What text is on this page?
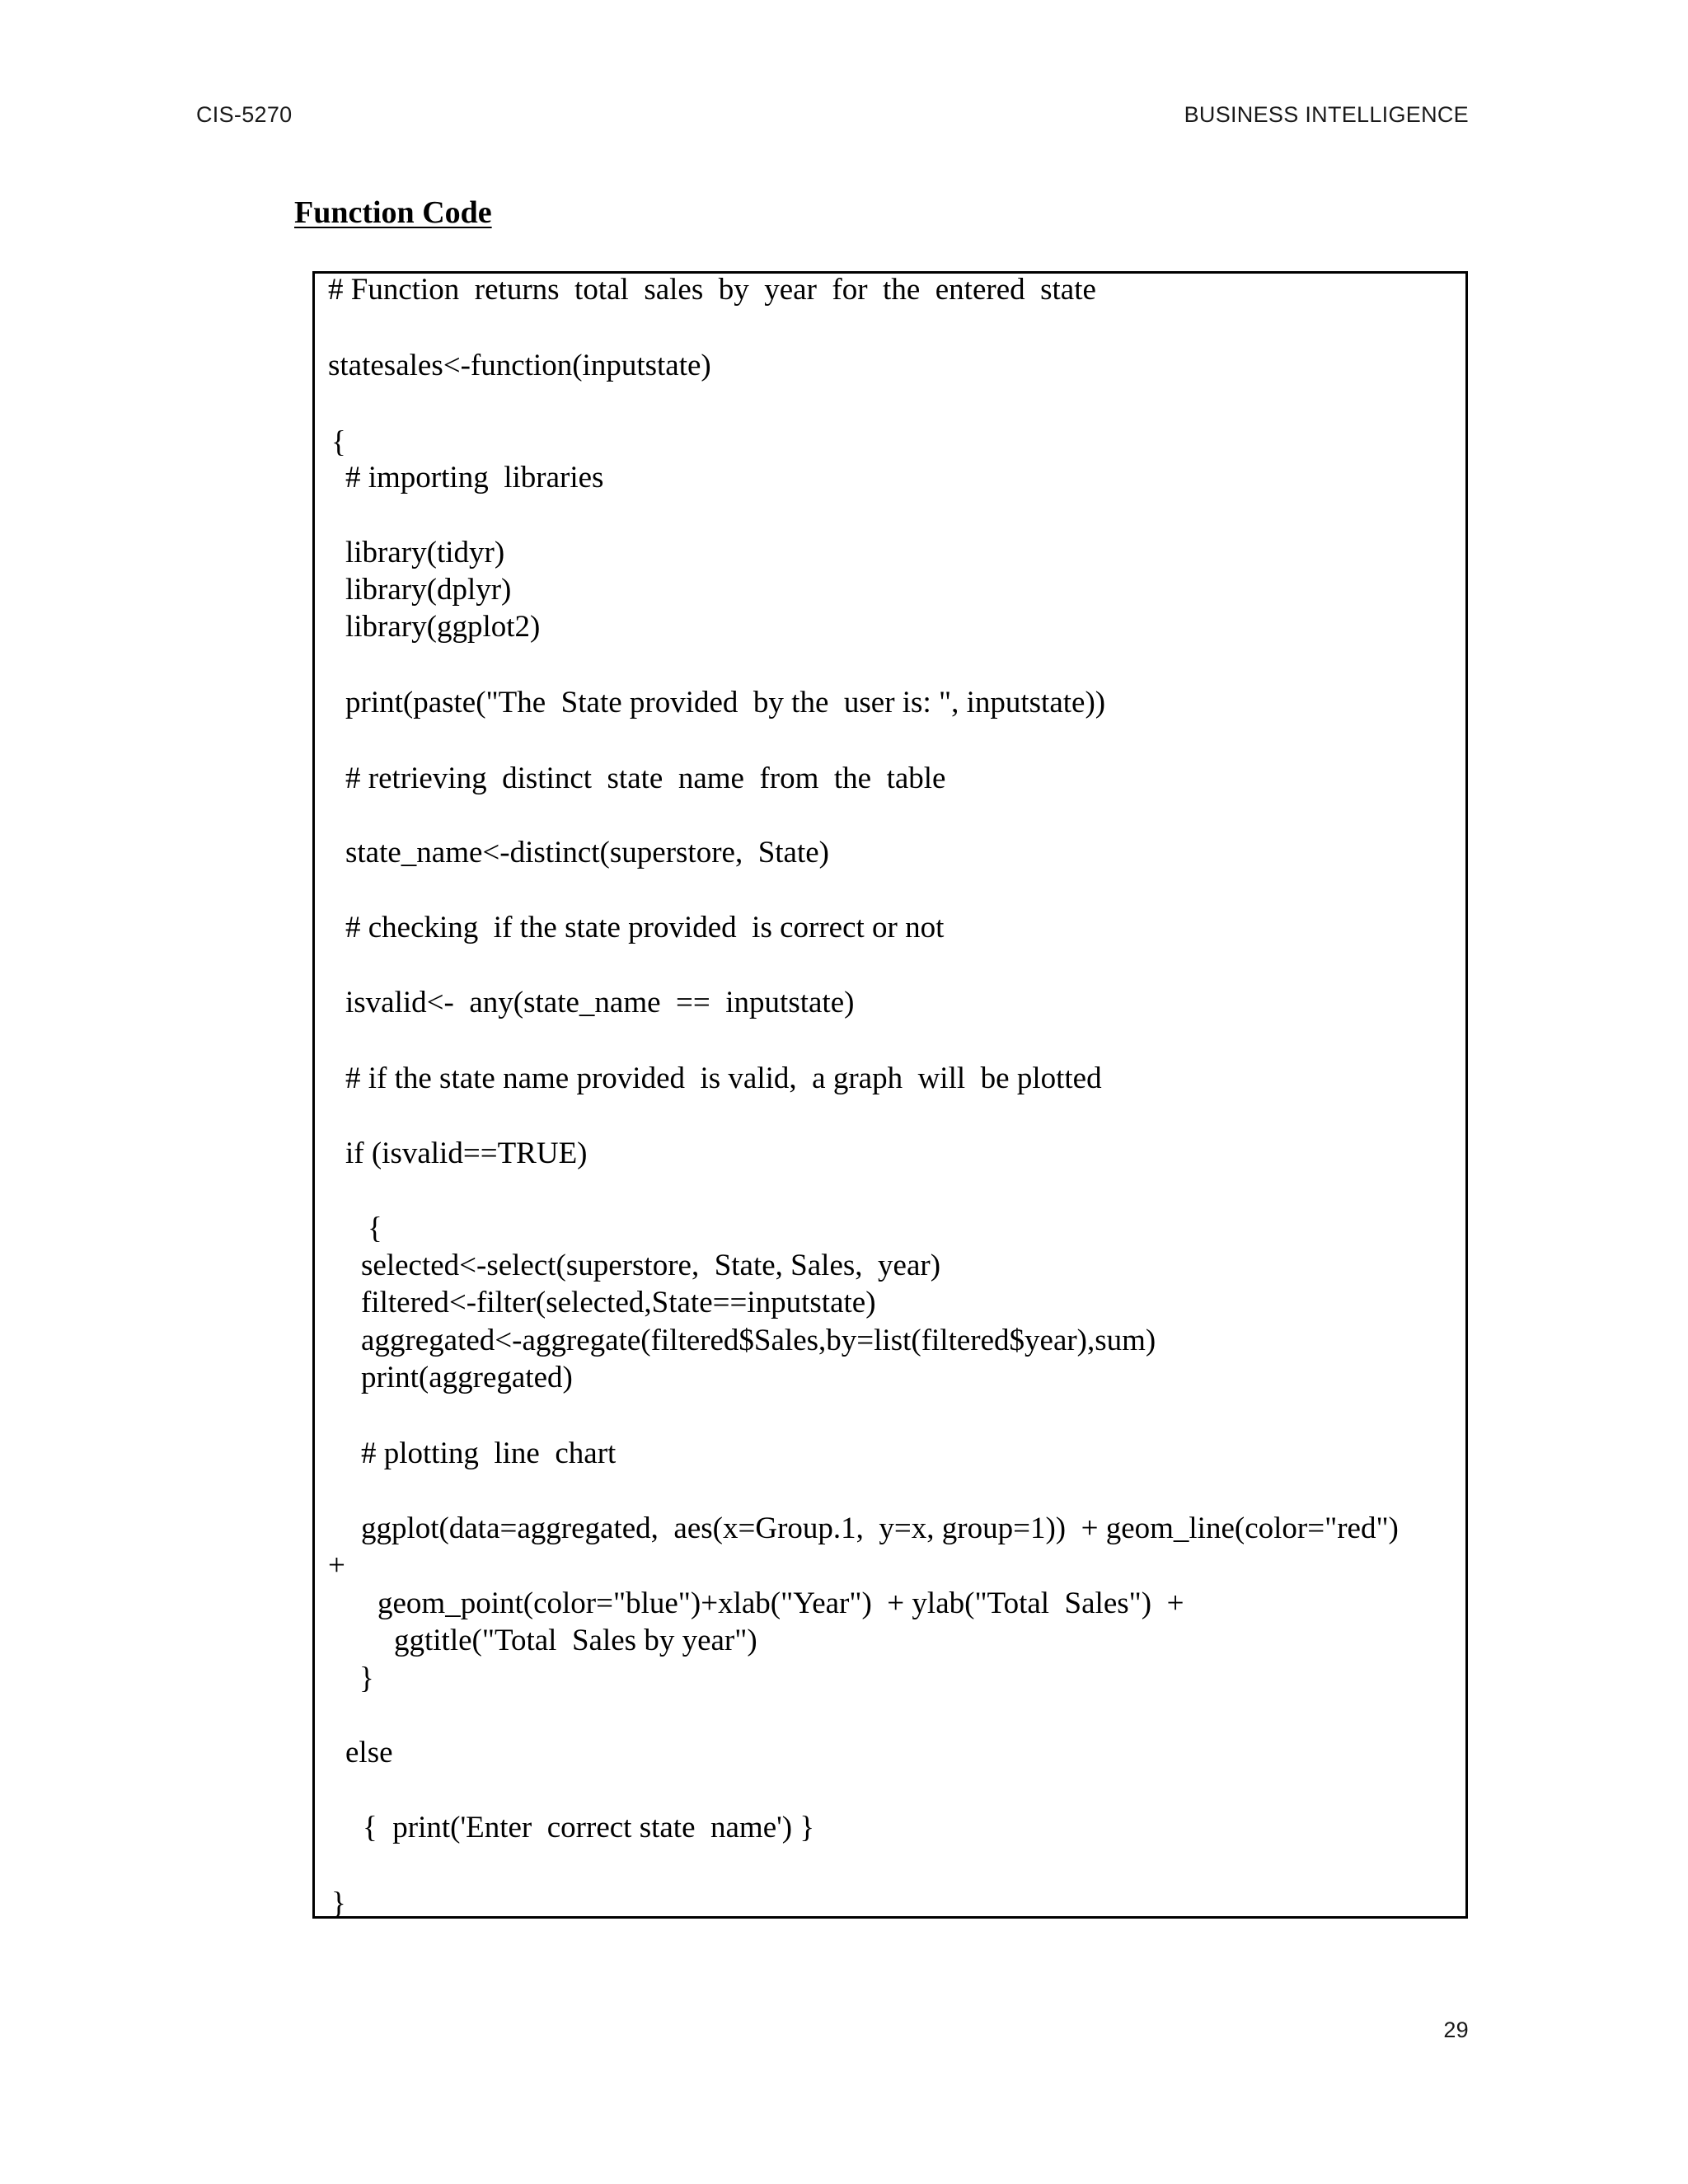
CIS-5270	BUSINESS INTELLIGENCE
Function Code
# Function  returns  total  sales  by  year  for  the  entered  state
statesales<-function(inputstate)
{
# importing  libraries
library(tidyr)
library(dplyr)
library(ggplot2)
print(paste("The  State provided  by the  user is: ", inputstate))
# retrieving  distinct  state  name  from  the  table
state_name<-distinct(superstore,  State)
# checking  if the state provided  is correct or not
isvalid<-  any(state_name  ==  inputstate)
# if the state name provided  is valid,  a graph  will  be plotted
if (isvalid==TRUE)
{
selected<-select(superstore,  State, Sales,  year)
filtered<-filter(selected,State==inputstate)
aggregated<-aggregate(filtered$Sales,by=list(filtered$year),sum)
print(aggregated)
# plotting  line  chart
ggplot(data=aggregated,  aes(x=Group.1,  y=x, group=1))  + geom_line(color="red")
+
geom_point(color="blue")+xlab("Year")  + ylab("Total  Sales")  +
ggtitle("Total  Sales by year")
}
else
{  print('Enter  correct state  name') }
}
29
